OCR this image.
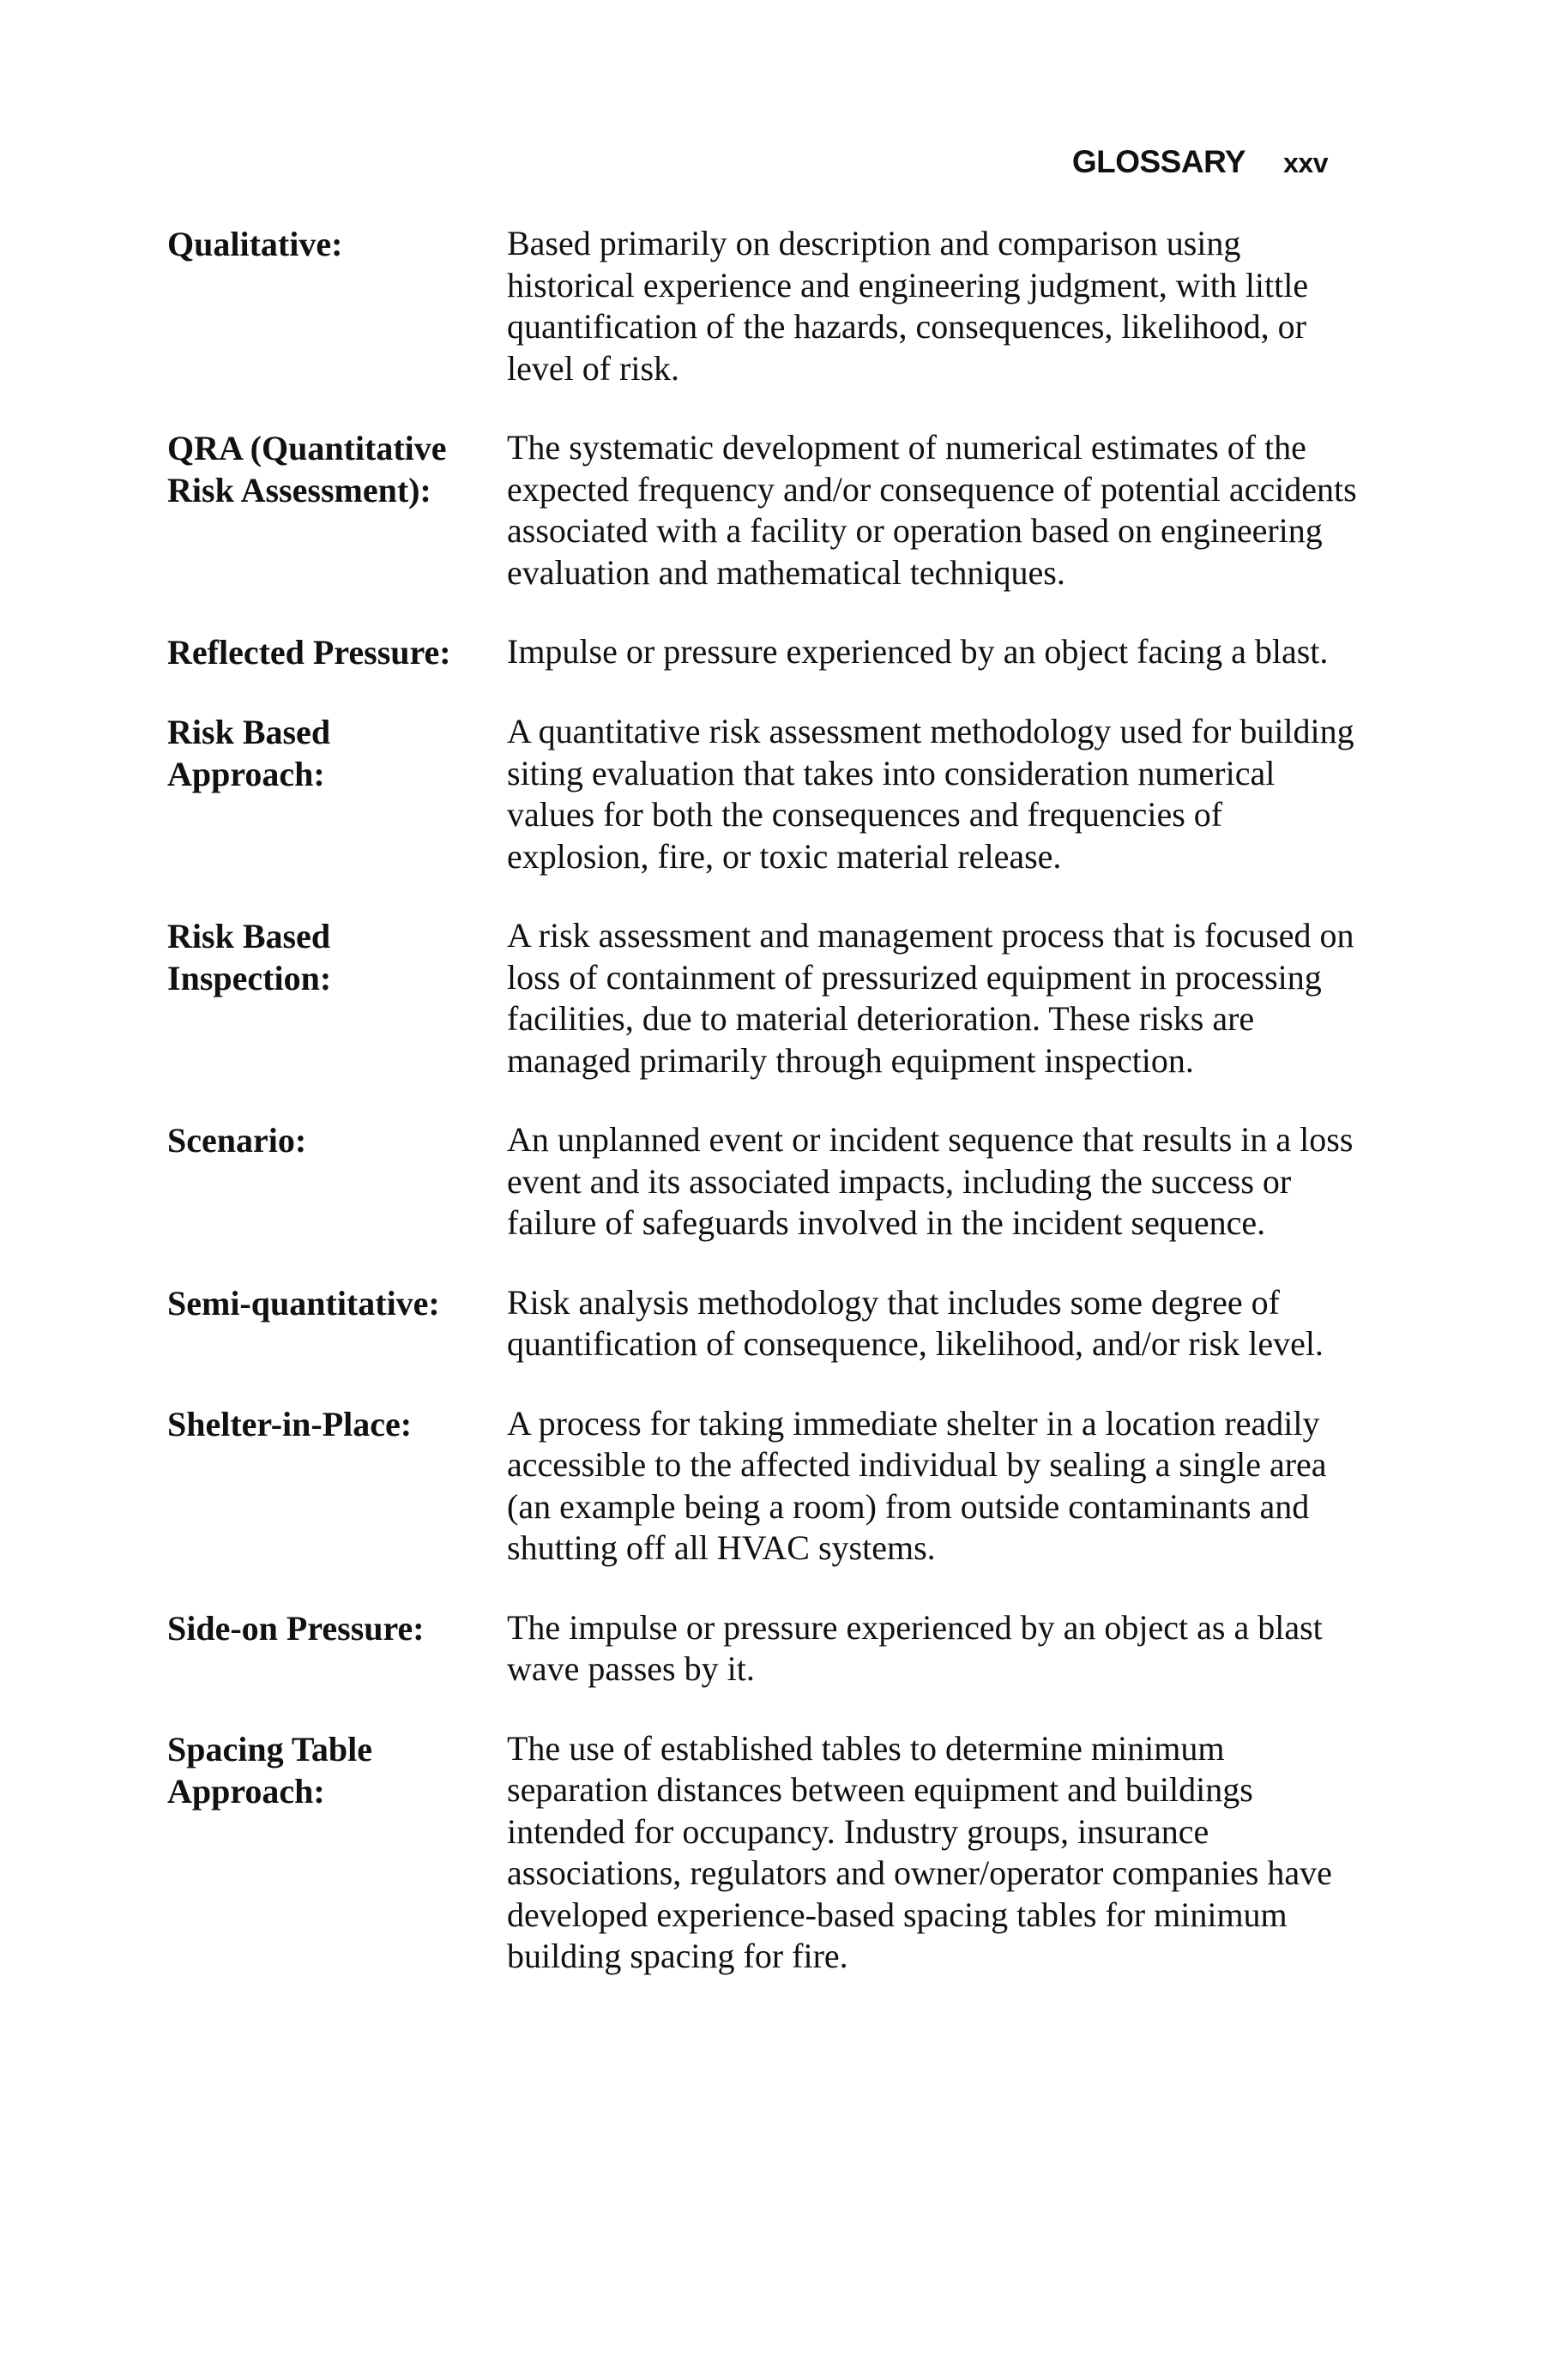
GLOSSARY xxv
Qualitative:	Based primarily on description and comparison using historical experience and engineering judgment, with little quantification of the hazards, consequences, likelihood, or level of risk.
QRA (Quantitative Risk Assessment):
The systematic development of numerical estimates of the expected frequency and/or consequence of potential accidents associated with a facility or operation based on engineering evaluation and mathematical techniques.
Reflected Pressure:	Impulse or pressure experienced by an object facing a blast.
Risk Based Approach:
A quantitative risk assessment methodology used for building siting evaluation that takes into consideration numerical values for both the consequences and frequencies of explosion, fire, or toxic material release.
Risk Based Inspection:
A risk assessment and management process that is focused on loss of containment of pressurized equipment in processing facilities, due to material deterioration. These risks are managed primarily through equipment inspection.
Scenario:	An unplanned event or incident sequence that results in a loss event and its associated impacts, including the success or failure of safeguards involved in the incident sequence.
Semi-quantitative:	Risk analysis methodology that includes some degree of quantification of consequence, likelihood, and/or risk level.
Shelter-in-Place:	A process for taking immediate shelter in a location readily accessible to the affected individual by sealing a single area (an example being a room) from outside contaminants and shutting off all HVAC systems.
Side-on Pressure:	The impulse or pressure experienced by an object as a blast wave passes by it.
Spacing Table Approach:
The use of established tables to determine minimum separation distances between equipment and buildings intended for occupancy. Industry groups, insurance associations, regulators and owner/operator companies have developed experience-based spacing tables for minimum building spacing for fire.
